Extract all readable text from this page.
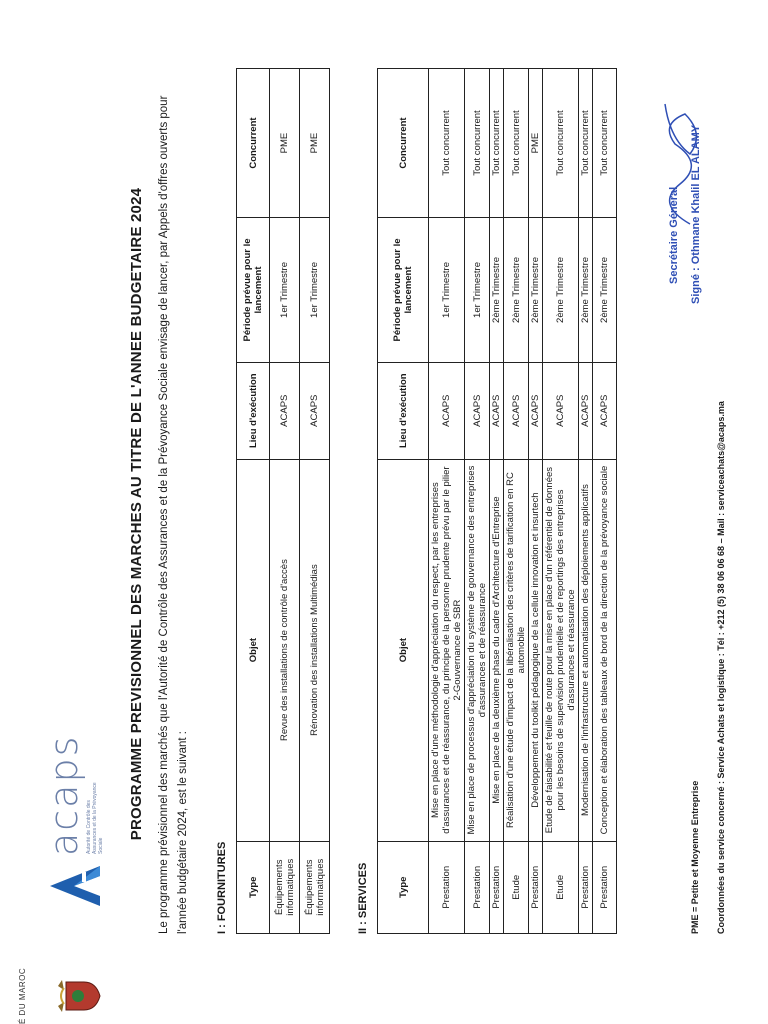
É DU MAROC
acaps Autorité de Contrôle des Assurances et de la Prévoyance Sociale
PROGRAMME PREVISIONNEL DES MARCHES AU TITRE DE L'ANNEE BUDGETAIRE 2024 Le programme prévisionnel des marchés que l'Autorité de Contrôle des Assurances et de la Prévoyance Sociale envisage de lancer, par Appels d'offres ouverts pour l'année budgétaire 2024, est le suivant :	I : FOURNITURES Type	Objet	Lieu d'exécution	Période prévue pour le lancement	Concurrent
Équipements informatiques	Revue des installations de contrôle d'accès	ACAPS	1er Trimestre	PME
Équipements informatiques	Rénovation des installations Multimédias	ACAPS	1er Trimestre	PME
II : SERVICES	Type	Objet	Lieu d'exécution	Période prévue pour le lancement	Concurrent
Prestation	Mise en place d'une méthodologie d'appréciation du respect, par les entreprises d'assurances et de réassurance, du principe de la personne prudente prévu par le pilier 2-Gouvernance de SBR	ACAPS	1er Trimestre	Tout concurrent
Prestation	Mise en place de processus d'appréciation du système de gouvernance des entreprises d'assurances et de réassurance	ACAPS	1er Trimestre	Tout concurrent
Prestation	Mise en place de la deuxième phase du cadre d'Architecture d'Entreprise	ACAPS	2ème Trimestre	Tout concurrent
Etude	Réalisation d'une étude d'impact de la libéralisation des critères de tarification en RC automobile	ACAPS	2ème Trimestre	Tout concurrent
Prestation	Développement du toolkit pédagogique de la cellule innovation et insurtech	ACAPS	2ème Trimestre	PME
Etude	Etude de faisabilité et feuille de route pour la mise en place d'un référentiel de données pour les besoins de supervision prudentielle et de reportings des entreprises d'assurances et réassurance	ACAPS	2ème Trimestre	Tout concurrent
Prestation	Modernisation de l'infrastructure et automatisation des déploiements applicatifs	ACAPS	2ème Trimestre	Tout concurrent
Prestation	Conception et élaboration des tableaux de bord de la direction de la prévoyance sociale	ACAPS	2ème Trimestre	Tout concurrent
PME = Petite et Moyenne Entreprise Coordonnées du service concerné : Service Achats et logistique : Tél : +212 (5) 38 06 06 68 – Mail : serviceachats@acaps.ma
Secrétaire Général Signé : Othmane Khalil EL ALAMY
